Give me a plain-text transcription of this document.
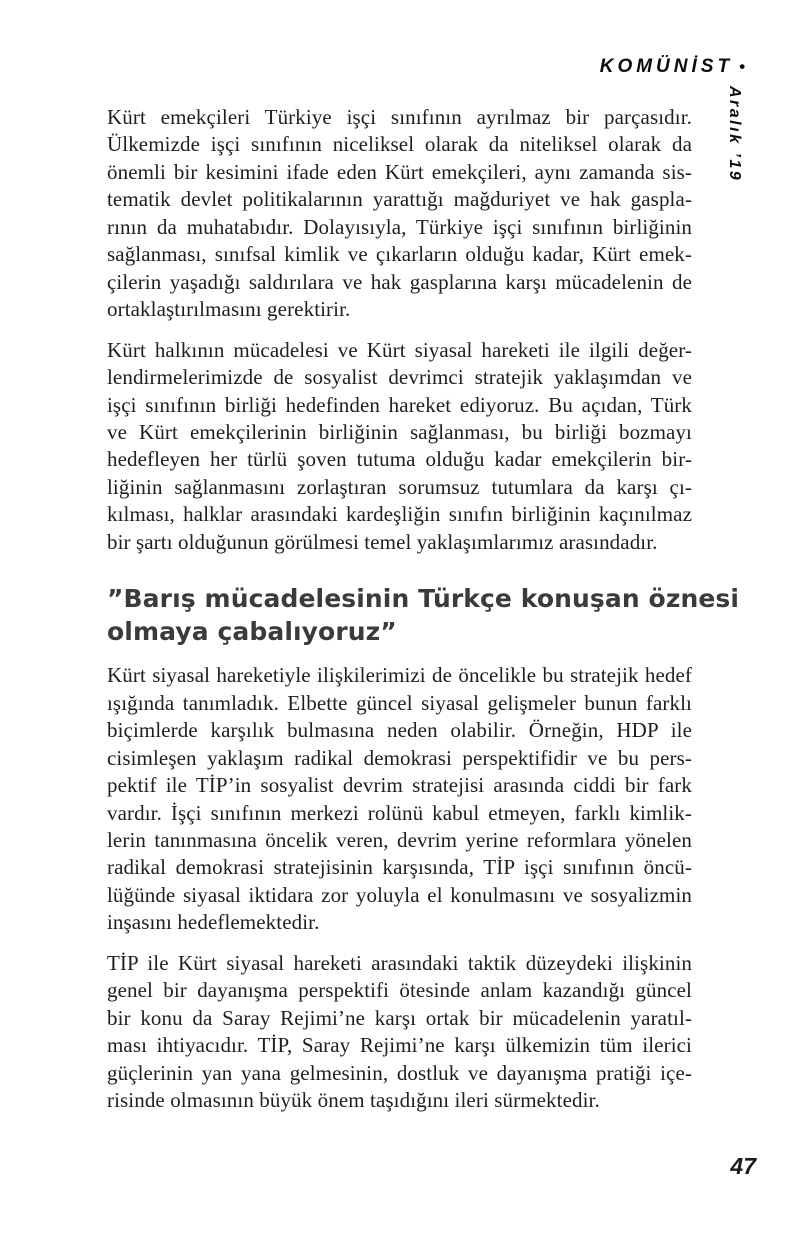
KOMÜNİST •
Aralık ’19
Kürt emekçileri Türkiye işçi sınıfının ayrılmaz bir parçasıdır.
Ülkemizde işçi sınıfının niceliksel olarak da niteliksel olarak da
önemli bir kesimini ifade eden Kürt emekçileri, aynı zamanda sis-
tematik devlet politikalarının yarattığı mağduriyet ve hak gaspla-
rının da muhatabıdır. Dolayısıyla, Türkiye işçi sınıfının birliğinin
sağlanması, sınıfsal kimlik ve çıkarların olduğu kadar, Kürt emek-
çilerin yaşadığı saldırılara ve hak gasplarına karşı mücadelenin de
ortaklaştırılmasını gerektirir.
Kürt halkının mücadelesi ve Kürt siyasal hareketi ile ilgili değer-
lendirmelerimizde de sosyalist devrimci stratejik yaklaşımdan ve
işçi sınıfının birliği hedefinden hareket ediyoruz. Bu açıdan, Türk
ve Kürt emekçilerinin birliğinin sağlanması, bu birliği bozmayı
hedefleyen her türlü şoven tutuma olduğu kadar emekçilerin bir-
liğinin sağlanmasını zorlaştıran sorumsuz tutumlara da karşı çı-
kılması, halklar arasındaki kardeşliğin sınıfın birliğinin kaçınılmaz
bir şartı olduğunun görülmesi temel yaklaşımlarımız arasındadır.
”Barış mücadelesinin Türkçe konuşan öznesi
olmaya çabalıyoruz”
Kürt siyasal hareketiyle ilişkilerimizi de öncelikle bu stratejik hedef
ışığında tanımladık. Elbette güncel siyasal gelişmeler bunun farklı
biçimlerde karşılık bulmasına neden olabilir. Örneğin, HDP ile
cisimleşen yaklaşım radikal demokrasi perspektifidir ve bu pers-
pektif ile TİP’in sosyalist devrim stratejisi arasında ciddi bir fark
vardır. İşçi sınıfının merkezi rolünü kabul etmeyen, farklı kimlik-
lerin tanınmasına öncelik veren, devrim yerine reformlara yönelen
radikal demokrasi stratejisinin karşısında, TİP işçi sınıfının öncü-
lüğünde siyasal iktidara zor yoluyla el konulmasını ve sosyalizmin
inşasını hedeflemektedir.
TİP ile Kürt siyasal hareketi arasındaki taktik düzeydeki ilişkinin
genel bir dayanışma perspektifi ötesinde anlam kazandığı güncel
bir konu da Saray Rejimi’ne karşı ortak bir mücadelenin yaratıl-
ması ihtiyacıdır. TİP, Saray Rejimi’ne karşı ülkemizin tüm ilerici
güçlerinin yan yana gelmesinin, dostluk ve dayanışma pratiği içe-
risinde olmasının büyük önem taşıdığını ileri sürmektedir.
47
